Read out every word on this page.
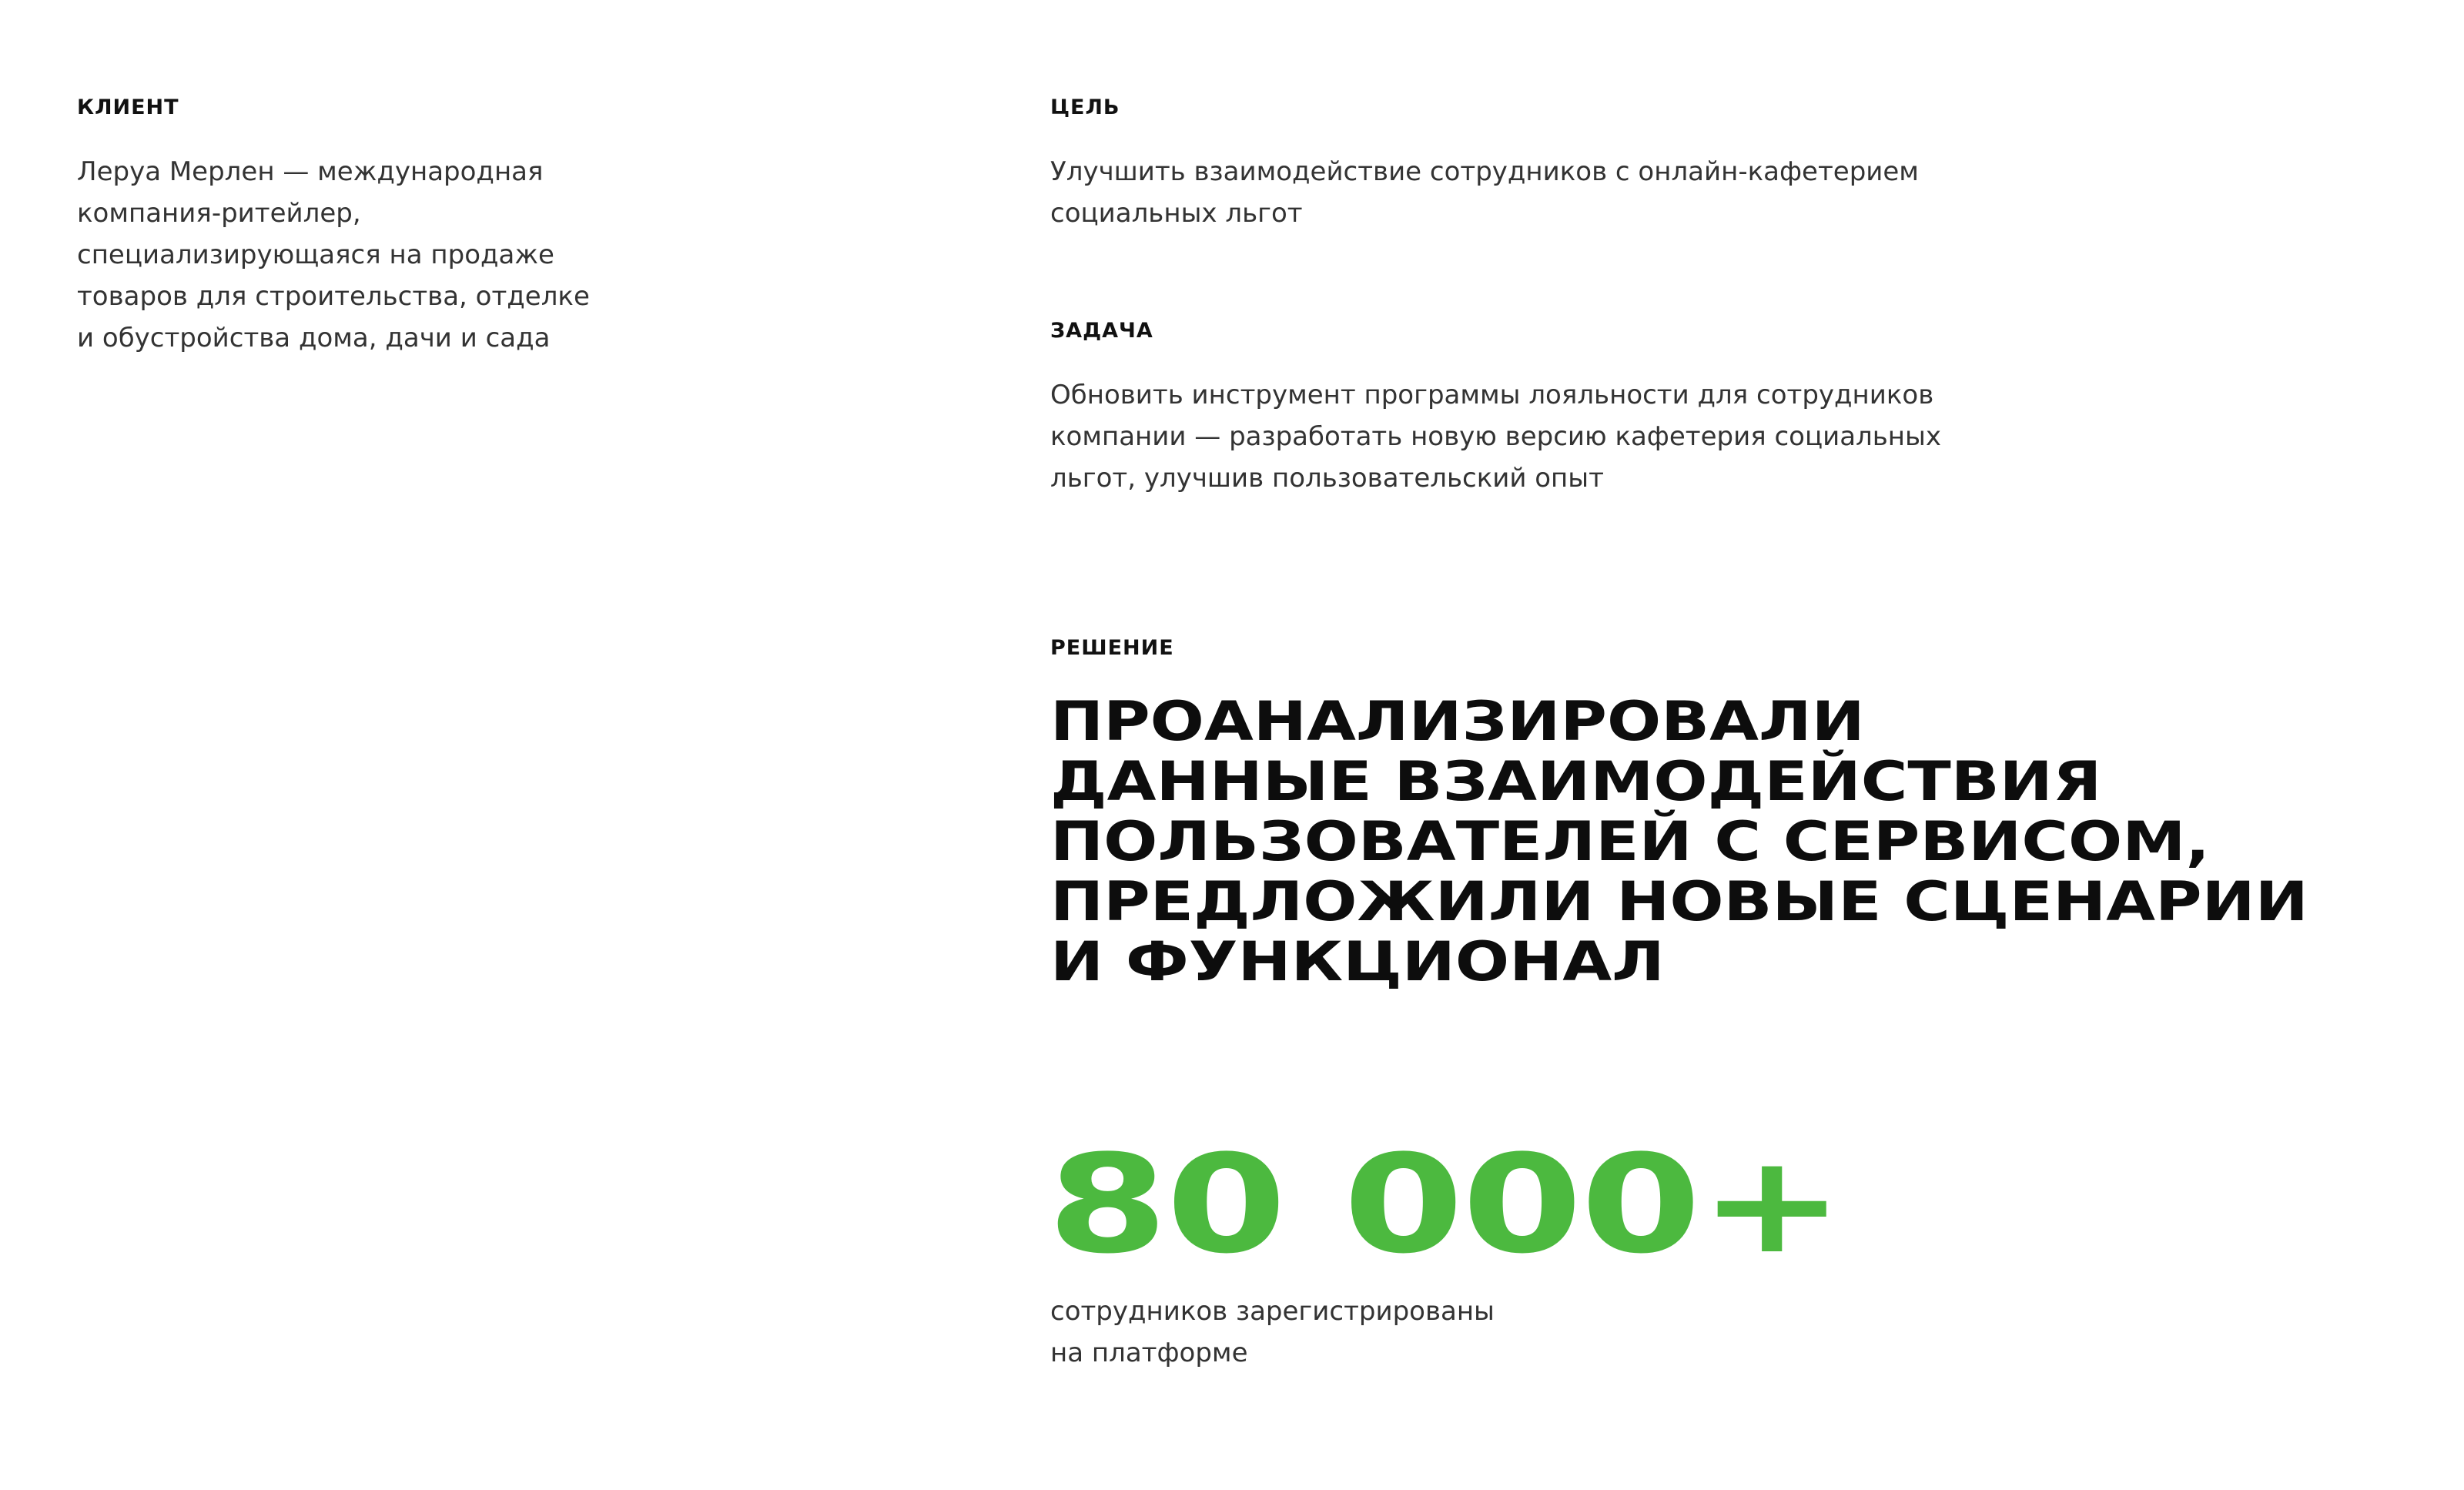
КЛИЕНТ

Леруа Мерлен — международная
компания-ритейлер,
специализирующаяся на продаже
товаров для строительства, отделке
и обустройства дома, дачи и сада

ЦЕЛЬ

Улучшить взаимодействие сотрудников с онлайн-кафетерием
социальных льгот

ЗАДАЧА

Обновить инструмент программы лояльности для сотрудников
компании — разработать новую версию кафетерия социальных
льгот, улучшив пользовательский опыт

РЕШЕНИЕ
ПРОАНАЛИЗИРОВАЛИ
ДАННЫЕ ВЗАИМОДЕЙСТВИЯ
ПОЛЬЗОВАТЕЛЕЙ С СЕРВИСОМ,
ПРЕДЛОЖИЛИ НОВЫЕ СЦЕНАРИИ
И ФУНКЦИОНАЛ
80 000+

сотрудников зарегистрированы
на платформе
